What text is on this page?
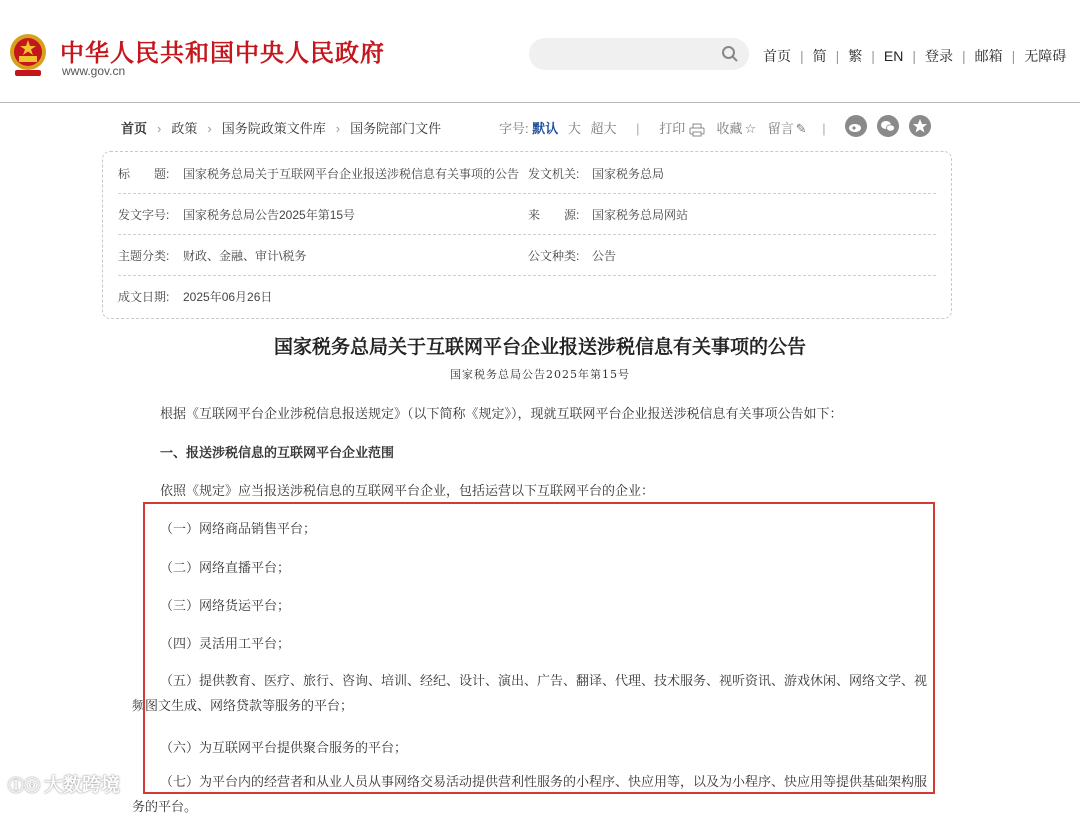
中华人民共和国中央人民政府
www.gov.cn
首页 | 简 | 繁 | EN | 登录 | 邮箱 | 无障碍
首页 › 政策 › 国务院政策文件库 › 国务院部门文件	字号: 默认 大 超大 | 打印 收藏 ☆ 留言 ✎ |
标　　题: 国家税务总局关于互联网平台企业报送涉税信息有关事项的公告 发文机关: 国家税务总局
发文字号: 国家税务总局公告2025年第15号	来　　源: 国家税务总局网站
主题分类: 财政、金融、审计\税务	公文种类: 公告
成文日期: 2025年06月26日
国家税务总局关于互联网平台企业报送涉税信息有关事项的公告
国家税务总局公告2025年第15号
根据《互联网平台企业涉税信息报送规定》（以下简称《规定》），现就互联网平台企业报送涉税信息有关事项公告如下：
一、报送涉税信息的互联网平台企业范围
依照《规定》应当报送涉税信息的互联网平台企业，包括运营以下互联网平台的企业：
（一）网络商品销售平台；
（二）网络直播平台；
（三）网络货运平台；
（四）灵活用工平台；
（五）提供教育、医疗、旅行、咨询、培训、经纪、设计、演出、广告、翻译、代理、技术服务、视听资讯、游戏休闲、网络文学、视频图文生成、网络贷款等服务的平台；
（六）为互联网平台提供聚合服务的平台；
（七）为平台内的经营者和从业人员从事网络交易活动提供营利性服务的小程序、快应用等，以及为小程序、快应用等提供基础架构服务的平台。
ⓛⓞ 大数跨境
